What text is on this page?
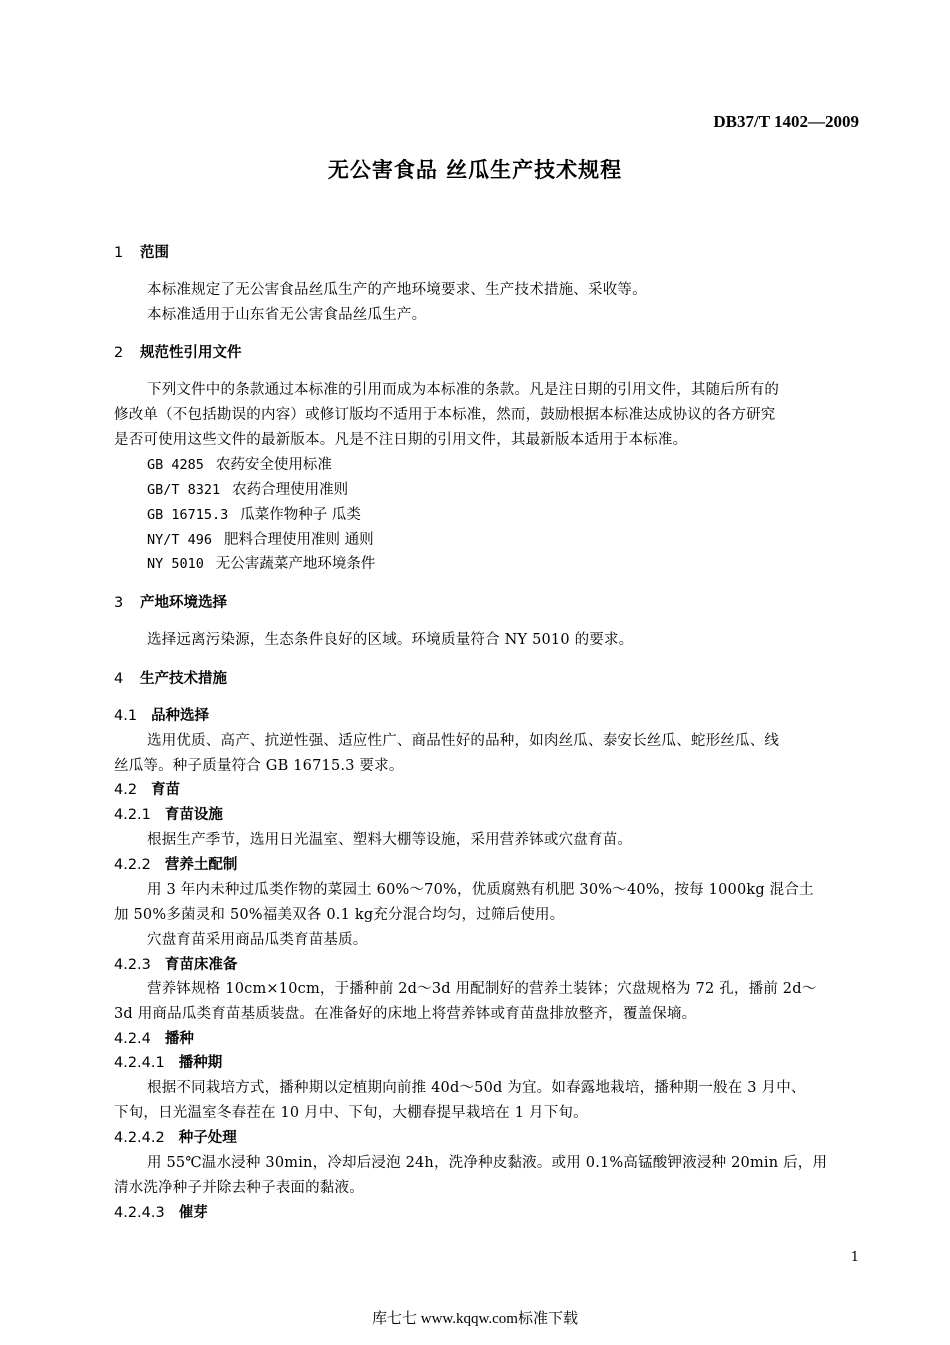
DB37/T 1402—2009
无公害食品 丝瓜生产技术规程
1 范围
本标准规定了无公害食品丝瓜生产的产地环境要求、生产技术措施、采收等。
本标准适用于山东省无公害食品丝瓜生产。
2 规范性引用文件
下列文件中的条款通过本标准的引用而成为本标准的条款。凡是注日期的引用文件，其随后所有的
修改单（不包括勘误的内容）或修订版均不适用于本标准，然而，鼓励根据本标准达成协议的各方研究
是否可使用这些文件的最新版本。凡是不注日期的引用文件，其最新版本适用于本标准。
GB 4285 农药安全使用标准
GB/T 8321 农药合理使用准则
GB 16715.3 瓜菜作物种子 瓜类
NY/T 496 肥料合理使用准则 通则
NY 5010 无公害蔬菜产地环境条件
3 产地环境选择
选择远离污染源，生态条件良好的区域。环境质量符合 NY 5010 的要求。
4 生产技术措施
4.1 品种选择
选用优质、高产、抗逆性强、适应性广、商品性好的品种，如肉丝瓜、泰安长丝瓜、蛇形丝瓜、线
丝瓜等。种子质量符合 GB 16715.3 要求。
4.2 育苗
4.2.1 育苗设施
根据生产季节，选用日光温室、塑料大棚等设施，采用营养钵或穴盘育苗。
4.2.2 营养土配制
用 3 年内未种过瓜类作物的菜园土 60%～70%，优质腐熟有机肥 30%～40%，按每 1000kg 混合土
加 50%多菌灵和 50%福美双各 0.1 kg充分混合均匀，过筛后使用。
穴盘育苗采用商品瓜类育苗基质。
4.2.3 育苗床准备
营养钵规格 10cm×10cm，于播种前 2d～3d 用配制好的营养土装钵；穴盘规格为 72 孔，播前 2d～
3d 用商品瓜类育苗基质装盘。在准备好的床地上将营养钵或育苗盘排放整齐，覆盖保墒。
4.2.4 播种
4.2.4.1 播种期
根据不同栽培方式，播种期以定植期向前推 40d～50d 为宜。如春露地栽培，播种期一般在 3 月中、
下旬，日光温室冬春茬在 10 月中、下旬，大棚春提早栽培在 1 月下旬。
4.2.4.2 种子处理
用 55℃温水浸种 30min，冷却后浸泡 24h，洗净种皮黏液。或用 0.1%高锰酸钾液浸种 20min 后，用
清水洗净种子并除去种子表面的黏液。
4.2.4.3 催芽
1
库七七 www.kqqw.com标准下载
